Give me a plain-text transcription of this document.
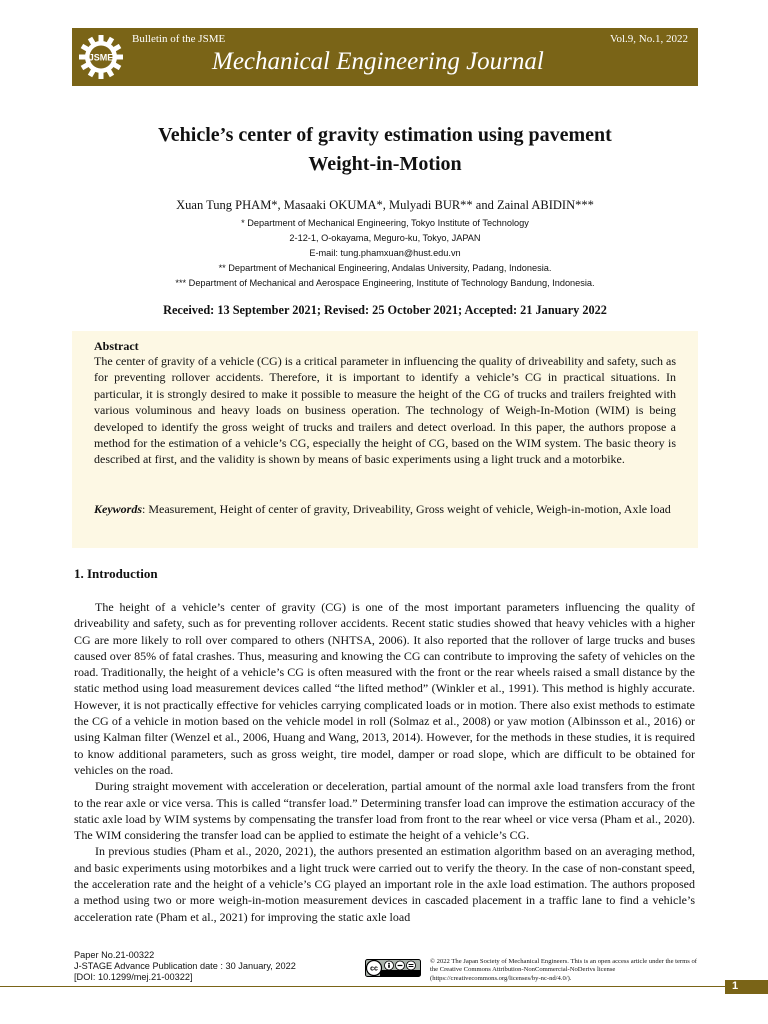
JSME
Bulletin of the JSME	Vol.9, No.1, 2022
Mechanical Engineering Journal
Vehicle’s center of gravity estimation using pavement
Weight-in-Motion
Xuan Tung PHAM*, Masaaki OKUMA*, Mulyadi BUR** and Zainal ABIDIN***
* Department of Mechanical Engineering, Tokyo Institute of Technology
2-12-1, O-okayama, Meguro-ku, Tokyo, JAPAN
E-mail: tung.phamxuan@hust.edu.vn
** Department of Mechanical Engineering, Andalas University, Padang, Indonesia.
*** Department of Mechanical and Aerospace Engineering, Institute of Technology Bandung, Indonesia.
Received: 13 September 2021; Revised: 25 October 2021; Accepted: 21 January 2022
Abstract
The center of gravity of a vehicle (CG) is a critical parameter in influencing the quality of driveability and safety, such as for preventing rollover accidents. Therefore, it is important to identify a vehicle’s CG in practical situations. In particular, it is strongly desired to make it possible to measure the height of the CG of trucks and trailers freighted with various voluminous and heavy loads on business operation. The technology of Weigh-In-Motion (WIM) is being developed to identify the gross weight of trucks and trailers and detect overload. In this paper, the authors propose a method for the estimation of a vehicle’s CG, especially the height of CG, based on the WIM system. The basic theory is described at first, and the validity is shown by means of basic experiments using a light truck and a motorbike.
Keywords : Measurement, Height of center of gravity, Driveability, Gross weight of vehicle, Weigh-in-motion, Axle load
1. Introduction

The height of a vehicle’s center of gravity (CG) is one of the most important parameters influencing the quality of driveability and safety, such as for preventing rollover accidents. Recent static studies showed that heavy vehicles with a higher CG are more likely to roll over compared to others (NHTSA, 2006). It also reported that the rollover of large trucks and buses caused over 85% of fatal crashes. Thus, measuring and knowing the CG can contribute to improving the safety of vehicles on the road. Traditionally, the height of a vehicle’s CG is often measured with the front or the rear wheels raised a small distance by the static method using load measurement devices called “the lifted method” (Winkler et al., 1991). This method is highly accurate. However, it is not practically effective for vehicles carrying complicated loads or in motion. There also exist methods to estimate the CG of a vehicle in motion based on the vehicle model in roll (Solmaz et al., 2008) or yaw motion (Albinsson et al., 2016) or using Kalman filter (Wenzel et al., 2006, Huang and Wang, 2013, 2014). However, for the methods in these studies, it is required to know additional parameters, such as gross weight, tire model, damper or road slope, which are difficult to be obtained for vehicles on the road.

During straight movement with acceleration or deceleration, partial amount of the normal axle load transfers from the front to the rear axle or vice versa. This is called “transfer load.” Determining transfer load can improve the estimation accuracy of the static axle load by WIM systems by compensating the transfer load from front to the rear wheel or vice versa (Pham et al., 2020). The WIM considering the transfer load can be applied to estimate the height of a vehicle’s CG.

In previous studies (Pham et al., 2020, 2021), the authors presented an estimation algorithm based on an averaging method, and basic experiments using motorbikes and a light truck were carried out to verify the theory. In the case of non-constant speed, the acceleration rate and the height of a vehicle’s CG played an important role in the axle load estimation. The authors proposed a method using two or more weigh-in-motion measurement devices in cascaded placement in a traffic lane to find a vehicle’s acceleration rate (Pham et al., 2021) for improving the static axle load

Paper No.21-00322
J-STAGE Advance Publication date : 30 January, 2022
[DOI: 10.1299/mej.21-00322]
cc
© 2022 The Japan Society of Mechanical Engineers. This is an open access article under the terms of the Creative Commons Attribution-NonCommercial-NoDerivs license (https://creativecommons.org/licenses/by-nc-nd/4.0/).
1
